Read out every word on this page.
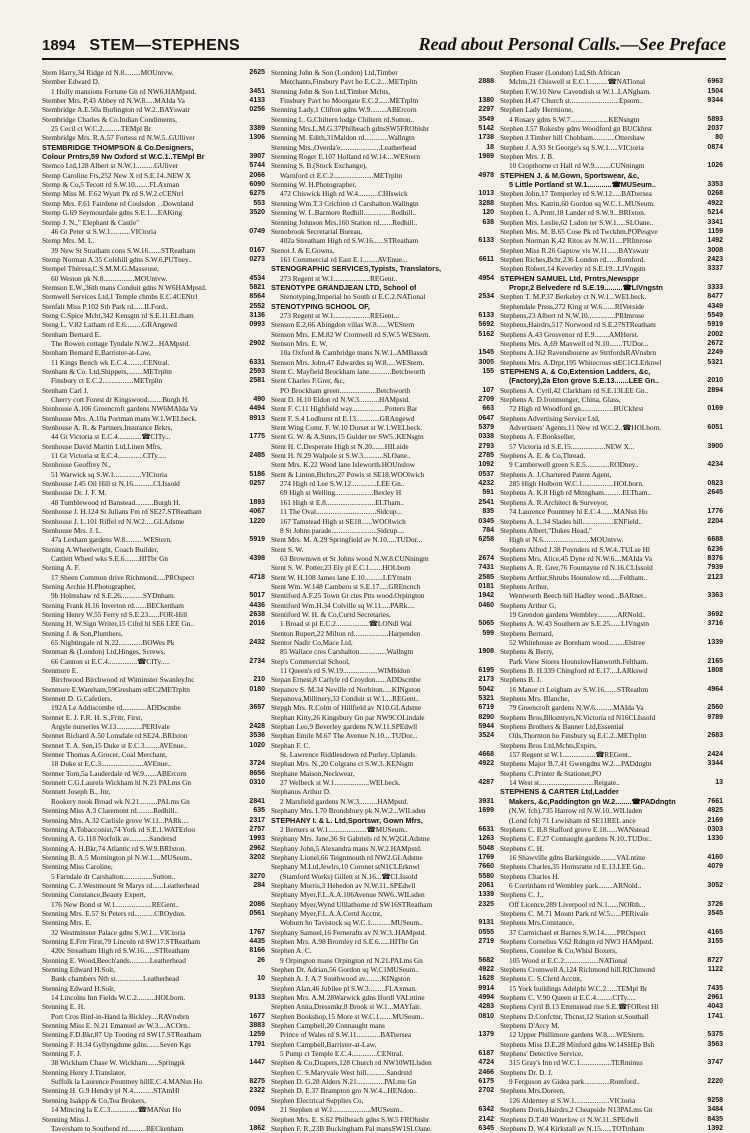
1894 STEM—STEPHENS	Read about Personal Calls.—See Preface
Stem Harry,34 Ridge rd N.8.........MOUntvw.	2625
Stember Edward D.
1 Holly mansions Fortune Gn rd NW6.HAMpstd.	3451
Stember Mrs. P,43 Abbey rd N.W.8.....MAIda Va	4133
Stembridge A.E.50a Burlington rd W.2..BAYswatr	0256
Stembridge Charles & Co.Indian Condiments,
25 Cecil ct W.C.2..........TEMpl Br	3389
Stembridge Mrs. R.A.57 Fortess rd N.W.5..GUlliver	1306
STEMBRIDGE THOMPSON & Co.Designers,
Colour Prntrs,59 Nw Oxford st W.C.1..TEMpl Br	3907
Stemco Ltd,128 Albert st N.W.1..........GUliver	5744
Stemp Caroline Frs,252 New X rd S.E.14..NEW X	2066
Stemp & Co,5 Tecott rd S.W.10........FLAxman	6090
Stemp Miss M. F.62 Wyatt Pk rd S.W.2.cCENtrl	6275
Stemp Mrs. F.61 Fairdene rd Coulsdon . .Downland	553
Stemp G.69 Seymourdale gdns S.E.1....EAKing	3520
Stemp J. N.," Elephant & Castle"
46 Gt Peter st S.W.1...........VICtoria	0749
Stemp Mrs. M. L.
39 New St Stratham cons S.W.16.......STReatham	0167
Stemp Norman A.35 Colehill gdns S.W.6.PUTney..	0273
Stempel Théresa,C.S.M.M.G.Masseuse,
60 Weston pk N.8.................MOUntvw.	4534
Stemson E.W.,36th mans Conduit gdns N W6HAMpstd.	5821
Stemwell Services Ltd,1 Temple chmbs E.C.4CENtrl	8564
Stenfalt Miss P.102 Sth Park rd......ILFord..	2552
Steng C.Spice Mcht,342 Kensgtn rd S.E.11.ELtham	3136
Steng L. V.82 Latham rd E.6.........GRAngewd	0993
Stenham Bernard E.
The Rowen cottage Tyndale N.W.2...HAMpstd.	2902
Stenham Bernard E,Barrister-at-Law,
11 Kings Bench wk E.C.4.........CENtral.	6331
Stenham & Co. Ltd,Shippers,........METrpltn	2593
Finsbury ct E.C.2.................METrpltn	2581
Stenham Carl J.
Cherry cott Forest dr Kingswood........Burgh H.	490
Stenhouse A.106 Greencroft gardens NW6MAIda Va	4494
Stenhouse Mrs. A.10a Portman mans W.1.WELbeck.	8913
Stenhouse A. R. & Partners,Insurance Brkrs,
44 Gt Victoria st E.C.4.............☎CITy...	1775
Stenhouse David Martin Ltd,Linen Mfrs,
11 Gt Victoria st E.C.4..............CITy.....	2485
Stenhouse Geoffrey N.,
51 Warwick sq S.W.1...............VICtoria	5186
Stenhouse J.45 Oil Hill st N.16...........CLIssold	0257
Stenhouse Dr. J. F. M.
48 Tumblewood rd Banstead..........Burgh H.	1893
Stenhouse J. H.124 St Julians Fm rd SE27.STReatham	4067
Stenhouse J. L.101 Riffel rd N.W.2.....GLAdstne	1220
Stenhouse Mrs. J. L.
47a Lexham gardens W.8..........WEStern.	5919
Stening A.Wheelwright, Coach Builder,
Cattlett Wheel wks S.E.6........HITbr Gn	4398
Stening A. F.
17 Sheen Common drive Richmond.....PROspect	4718
Stening Archie H.Photographer,
9b Holmshaw rd S.E.26............SYDnham.	5017
Stening Frank H.16 Inverton rd.......BECkenham	4436
Stening Henry W.55 Ferry rd S.E.23......FOR-Hill	2638
Stening H. W.Sign Writer,15 Cifrd hl SE6 LEE Gn..	2016
Stening J. & Son,Plumbers,
65 Nightingale rd N.22.............BOWes Pk	2432
Stenman & (London) Ltd,Hinges, Screws,
66 Cannon st E.C.4................☎CITy.....	2734
Stenmore E.
Birchwood Birchwood rd Wiminster SwanleyJnc	210
Stenmore E.Wareham,59Gresham stEC2METrpltn	0180
Stennett D. G.Cafetiers,
192A Le Addiscombe rd.............ADDscmbe	3657
Stennet E. J. F.R. H. S.,Fritr, First,
Argyle nurseries W.13..............PERIvale	2428
Stennet Richard A.50 Lonsdale rd SE24..BRIxton	3536
Stennet T. A. Sen,15 Duke st E.C.3........AVEnue..	1020
Stenner Thomas A.Grocer, Coal Merchant,
18 Duke st E.C.3.......................AVEnue..	3724
Stenner Tom,5a Lauderdale rd W.9.......ABErcorn	8656
Stennett C.G.Laurels Wickham hl N.21 PALms Gn	0310
Stennett Joseph B., Jnr,
Rookery nook Broad wk N.21..........PALms Gn	2841
Stenning Miss A.3 Claremont rd.........Redhill..	635
Stenning Mrs. A.32 Carlisle grove W.11...PARk....	2317
Stenning A.Tobacconist,74 York rd S.E.1.WATErloo	2757
Stenning A. G.118 Norfolk av...........Sandersd	1993
Stenning A. H.Bkr,74 Atlantic rd S.W.9.BRIxton.	2962
Stenning B. A.5 Mornington pl N.W.1....MUSeum..	3202
Stenning Miss Caroline,
5 Farndale dr Carshalton................Sutton..	3270
Stenning C. J.Westmount St Marys rd......Leatherhead	284
Stenning Constance,Beauty Expert,
176 New Bond st W.1....................REGent..	2086
Stenning Mrs. E.57 St Peters rd...........CROydon.	0561
Stenning Mrs. E.
32 Westminster Palace gdns S.W.1....VICtoria	1767
Stenning E.Frtr First,79 Lincoln rd SW17.STReatham	4435
420c Streatham High rd S.W.16......STReatham	8166
Stenning E. Wood,Beech'ands...........Leatherhead	26
Stenning Edward H.Solr,
Bank chambers Nth st...............Leatherhead	10
Stenning Edward H.Solr,
14 Lincolns Inn Fields W.C.2..........HOLborn.	9133
Stenning E. H.
Port Cros Bird-in-Hand la Bickley....RAVnsbrn	1677
Stenning Miss E. N.21 Emanuel av W.3....ACOrn..	3883
Stenning F.D.Bkr,87 Up Tooting rd SW17.STReatham	1259
Stenning F. H.34 Gyllyngdune gdns.......Seven Kgs	1791
Stenning F. J.
38 Wickham Chase W. Wickham......Springpk	1447
Stenning Henry J.Translator,
Suffolk la Laurence Pountney hillE.C.4.MANsn Ho	8275
Stenning H. G.9 Hendry pl N.4...........STAtnHl	2322
Stenning Isakpp & Co,Tea Brokers,
14 Mincing la E.C.3...............☎MANsn Ho	0094
Stenning Miss J.
Taversham to Southend rd..........BECkenham	1862
Stenning John & Son (London) Ltd,Timber
Merchants,Finsbury Pavt ho E.C.2....METrpltn	2888
Stenning John & Son Ltd,Timber Mchts,
Finsbury Pavt ho Moorgate E.C.2......METrpltn	1380
Stenning Lady,1 Clifton gdns W.9.........ABErcorn	2297
Stenning L. G,Chiltern lodge Chiltern rd.Sutton..	3549
Stenning Mrs.L.M.G.37Philbeach gdnsSW5FROblshr	5142
Stenning M. Edith,31Maldon rd.............Wallngtn	1738
Stenning Mrs.,Overda'e......................Leatherhead	18
Stenning Roger E.107 Holland rd W.14....WEStern	1989
Stenning S. B.(Stock Exchange),
Warnford ct E.C.2......................METrpltn	4978
Stenning W. H.Photographer,
472 Chiswick High rd W.4...........CHIswick	1013
Stenning Wm.T.3 Crichton cl Carshalton.Wallngtn	3288
Stenning W. L.Barmore Redhill...............Redhill..	120
Stenning Johnson Mrs.160 Station rd.......Redhill..	638
Stenobrook Secretarial Bureau,
402a Streatham High rd S.W.16......STReatham	6133
Stenot J. & E.Gowns,
161 Commercial rd East E.1........AVEnue...	6611
STENOGRAPHIC SERVICES,Typists, Translators,
273 Regent st W.1....................REGent..	4954
STENOTYPE GRANDJEAN LTD, School of
Stenotyping,Imperial ho South st E.C.2.NATional	2534
STENOTYPING SCHOOL OF,
273 Regent st W.1....................REGent...	6133
Stenson E.2,66 Abingdon villas W.8......WEStern	5692
Stenson Mrs. E.M.82 W Cromwell rd S.W.5 WEStern.	5162
Stenson Mrs. E. W.
10a Oxford & Cambridge mans N.W.1..AMBassdr	1545
Stenson Mrs. John,47 Edwardes sq W.8.....WEStern.	3005
Stent C. Mayfield Brockham lane............Betchworth	155
Stent Charles F.Grer, &c,
PO Brockham green....................Betchworth	107
Stent D. H.10 Eldon rd N.W.3...........HAMpstd.	2709
Stent F. C.11 Highfield way..................Potters Bar	663
Stent F. S.4 Lodhurst rd E.13.............GRAngewd	0647
Stent Wing Comr. F. W.10 Dorset st W.1.WELbeck.	5379
Stent G. W. & A.Stnrs,15 Gulder ter SW5..KENsgtn	0338
Stent H. C.Desperate High st N.20.......HILside	2793
Stent H. N.29 Walpole st S.W.3...........SLOane..	2785
Stent Mrs. K.22 Wood lane Isleworth.HOUnslow	1092
Stent & Linton,Btchrs,27 Powis st SE18.WOOlwich	0537
274 High rd Lee S.W.12..............LEE Gn..	4232
69 High st Welling.....................Bexley H	591
161 High st E.8...........................ELTham..	2541
11 The Oval.................................Sidcup...	835
167 Tamstead High st SE18......WOOlwich	0345
8 St Johns parade.........................Sidcup....	784
Stent Mrs. M. A.29 Springfield av N.10.....TUDor...	6258
Stent S. W.
63 Brownswn et St Johns wood N.W.8.CUNningm	2674
Stent S. W. Potter,23 Ely pl E.C.1.......HOLborn	7431
Stent W. H.108 James lane E.10..........LEYtnstn	2585
Stent Wm. W.148 Camberu st S.E.17.....GREncnch	0181
Stentiford A.F.25 Town Gt ctes Ptts wood.Orpington	1942
Stentiford Wm.H.34 Colville sq W.11.....PARk....	0460
Stentiford W. H. & Co,Curtd Secretaries,
1 Broad st pl E.C.2..................☎LONdl Wal	5065
Stenton Rupert,22 Milton rd...................Harpenden	599
Stentor Nadir Co,Mace Ltd,
85 Wallace cres Carshalton...............Wallngtn	1908
Step's Commercial School,
11 Queen's rd S.W.19...................WIMbldon	6195
Stepan Ernest,8 Carlyle rd Croydon......ADDscmbe	2173
Stepanov S. M.34 Neville rd Norbiton.....KINgston	5042
Stepanova,Millinery,33 Conduit st W.1....REGent..	5321
Stepgh Mrs. R.Colm of Hillfield av N10.GLAdstne	6719
Stephan Kitty,26 Kingsbury Gn par NW9COLindale	8290
Stephan Leo,9 Beverley gardens N.W.11.SPEdwll	5944
Stephan Emile M.67 The Avenue N.10....TUDor...	3524
Stephan F. C.
St. Lawrence Riddlesdown rd Purley..Uplands.	4668
Stephan Mrs. N.,20 Colgrans ct S.W.3..KENsgtn	4922
Stephane Maison,Neckwear,
27 Welbeck st W.1...................WELbeck.	4287
Stephanus Arthur D.
2 Marsfield gardens N.W.3..........HAMpstd.	3931
Stephany Mrs. I.70 Brondsbury pk N.W.2...WILsden	1699
STEPHANY I. & L. Ltd,Sportswr, Gown Mfrs,
2 Berners st W.1.....................☎MUSeum..	6631
Stephany Mrs. Jane,36 St Gabriels rd N.W2GLAdstne	1263
Stephany John,5 Alexandra mans N.W.2.HAMpstd.	5048
Stephany Lionel,66 Teignmouth rd NW2.GLAdstne	1769
Stephany M.Ltd,Jewlrs,10 Coronet stN1CLErknwl	7660
(Stamford Works) Gillett st N.16...☎CLIssold	5580
Stephany Morris,3 Hebedon av N.W.11..SPEdwll	2061
Stephany Myer,F.L.A.A.106Avenue NW6..WILsden	1339
Stephany Myer,Wynd Ulllathorne rd SW16STReatham	2325
Stephany Myer,F.L.A.A.Certd Acctnt,
Woburn ho Tavistock sq W.C.1...........MUSeum..	9131
Stephany Samuel,16 Fernerafts av N.W.3..HAMpstd.	0555
Stephen Mrs. A.98 Bromley rd S.E.6......HITbr Gn	2719
Stephen A. C.
9 Orpington mans Orpington rd N.21.PALms Gn	5682
Stephen Dr. Adrian,56 Gordon sq W.C1MUSeum..	4922
Stephen A. J. A.7 Southwood av.........KINgston	1628
Stephen Alan,46 Jubilee pl S.W.3.........FLAxman.	9914
Stephen Mrs. A.M.28Warwick gdns Ifordl VALntine	4994
Stephen Anita,Dressmkr,8 Brook st W.1...MAYfair.	4283
Stephen Bookshop,15 More st W.C.1.......MUSeum..	0810
Stephen Campbell,20 Connaught mans
Prince of Wales rd S.W.11.............BATtersea	1379
Stephen Campbell,Barrister-at-Law,
5 Pump ct Temple E.C.4..............CENtral.	6187
Stephen & Co,Drapers,128 Church rd NW10WILlsden	4724
Stephen C. S.Maryvale West hill...........Sandrstd	2466
Stephen D. G.28 Alders N.21...............PALms Gn	6175
Stephen D. E.37 Brampton gro N.W.4...HENdon..	2702
Stephen Electrical Supplies Co,
21 Stephen st W.1.....................MUSeum..	6342
Stephen Mrs. E. S.62 Philbeach gdns S.W.5 FRObishr	2142
Stephen F. R.,23B Buckingham Pal mansSW1SLOane.	6345
Stephen Fraser (London) Ltd,Sth African
Mchts,21 Chiswell st E.C.1..........☎NATional	6963
Stephen F.W.10 New Cavendish st W.1..LANgham.	1504
Stephen H.47 Church st...........................Epsom..	9344
Stephen Lady Hermione,
4 Rosary gdns S.W.7.....................KENsngtn	5893
Stephen J.57 Rokesby gdns Woodford gn BUCkhrst	2037
Stephen J.Timber hill Chobham............Ottershaw	80
Stephen J. A.93 St George's sq S.W.1.....VICtoria	0874
Stephen Mrs. J. B.
10 Cropthorne ct Hall rd W.9.........CUNningm	1026
STEPHEN J. & M.Gown, Sportswear, &c,
5 Little Portland st W.1............☎MUSeum..	3353
Stephen John,17 Temperley rd S.W.12.....BATtersea	0268
Stephen Mrs. Katrin,60 Gordon sq W.C.1..MUSeum.	4922
Stephen L. A.Prntr,18 Lander rd S.W.9...BRIxton.	5214
Stephen Mrs. Leslie,62 Lsdon ter S.W.1.....SLOane..	3341
Stephen Mrs. M. B.65 Cose Pk rd Twckhm.POPesgve	1159
Stephen Norman K.42 Ritos av N.W.11....PRImrose	1492
Stephen Miss R.26 Gaptow vis W.11......BAYswatr	3008
Stephen Riches,Bchr,236 London rd......Romford.	2423
Stephen Robert,14 Keverley rd S.E.19...LIVngstn	3337
STEPHEN SAMUEL Ltd, Prntrs,Newsppr
Propr,2 Belvedere rd S.E.19.........☎LIVngstn	3333
Stephen T. M.P.37 Berkeley ct N.W.1...WELbeck.	8477
Stephendale Press,272 King st W.6.......RIVerside	4349
Stephens,23 Albert rd N.W.10...............PRImrose	5549
Stephens,Hairdrs,517 Norwood rd S.E.27STReatham	5919
Stephens A.43 Grosvenor rd E.9........AMHerst.	2002
Stephens Mrs. A.69 Maxwell rd N.10.......TUDor...	2672
Stephens A.162 Ravensbourne av StrtfordsRAVnsbrn	2249
Stephens Mrs. A.Drpr,195 Whitecross stEC1CLErknwl	5321
STEPHENS A. & Co,Extension Ladders, &c,
(Factory),2a Eton grove S.E.13.......LEE Gn..	2010
Stephens A. Cyril,42 Clarkham rd S.E.13LEE Gn..	2894
Stephens A. D.Ironmonger, China, Glass,
72 High rd Woodford gn..................BUCkhrst	0169
Stephens Advertising Service Ltd,
Advertisers' Agents,11 New rd W.C.2..☎HOLborn.	6051
Stephens A. F.Bookseller,
57 Victoria rd S.E.15...................NEW X...	3900
Stephens A. E. & Co,Thread,
9 Camberwell green S.E.5.............RODney..	4234
Stephens A. J.Chartered Patent Agent,
285 High Holborn W.C.1.................HOLborn.	0823
Stephens A. K.8 High rd Mttngham..........ELTham..	2645
Stephens A. R.Architect & Surveyor,
74 Laurence Pountney hl E.C.4.......MANsn Ho	1776
Stephens A. L.34 Slades hill.................ENField..	2204
Stephens Albert,"Dukes Head,"
High st N.6..........................MOUntvw.	6688
Stephens Alfred J.38 Poynders rd S.W.4..TULse Hl	6236
Stephens Mrs. Alice,45 Dyne rd N.W.6....MAIda Va	8376
Stephens A. R. Grer,76 Fountayne rd N.16.CLIssold	7939
Stephens Arthur,Shrubs Hounslow rd......Feltham..	2123
Stephens Arthur,
Wentworth Beech hill Hadley wood...BARnet..	3363
Stephens Arthur G,
19 Grendon gardens Wembley...........ARNold..	3692
Stephens A. W.43 Southern av S.E.25......LIVngstn	3716
Stephens Bernard,
52 Whitehouse av Boreham wood.........Elstree	1339
Stephens & Berry,
Park View Stores HounslowHanworth.Feltham.	2165
Stephens B. H.339 Chingford rd E.17....LARkswd	1808
Stephens B. J.
16 Manor ct Leigham av S.W.16.......STReathm	4964
Stephens Mrs. Blanche,
79 Greencroft gardens N.W.6..........MAIda Va	2560
Stephens Bros,Blksmtyrs,N.Victoria rd N16CLIssold	9789
Stephens Brothers & Banner Ltd,Essential
Oils,Thornton ho Finsbury sq E.C.2..METrpltn	2683
Stephens Bros Ltd,Mchts,Expirs,
157 Regent st W.1..................☎REGent..	2424
Stephens Major B.7,41 Gwengdns W.2....PADdngtn	3344
Stephens C.Printer & Stationer,PO
14 West st..............................Reigate..	13
STEPHENS & CARTER Ltd,Ladder
Makers, &c,Paddington gn W.2........☎PADdngtn	7661
(N.W. fch),735 Harrow rd N.W.10..WILlsden	4925
(Lond fch) 71 Lewisham rd SE11REL ance	2169
Stephens C. B.8 Stafford grove E.18......WANstead	0303
Stephens C. F.27 Connaught gardens N.10..TUDor..	1330
Stephens C. H.
16 Shawville gdns Barkingside.........VALntine	4160
Stephens Charles,35 Hornsratte rd E.13.LEE Gn..	4079
Stephens Charles H.
6 Corrinham rd Wembley park........ARNold..	3052
Stephens C. J.,
Off Licence,289 Liverpool rd N.1......NORth...	3726
Stephens C. M.71 Mount Park rd W.5......PERivale	3545
Stephens Mrs.Constance,
37 Carmichael et Barnes S.W.14.......PROspect	4165
Stephens Cornelius V.62 Rdngtn rd NW3 HAMpstd.	3155
Stephens, Costeloe & Co,Whisl Boxers,
105 Wood st E.C.2...................NATional	8727
Stephens Cromwell A,124 Richmond hill.RIChmond	1122
Stephens C. S.Chrtd Acctnt,
15 York buildings Adelphi W.C.2......TEMpl Br	7435
Stephens C. V.90 Queen st E.C.4.........CITy.....	2961
Stephens Cyril B.13 Emmstead rise S.E.☎FORest Hl	4043
Stephens D.Confctnr, Tbcnst,12 Station st.Southall	1741
Stephens D'Arcy M.
12 Upper Phillimore gardens W.8.....WEStern.	5375
Stephens Miss D.E,28 Minford gdns W.14SHEp Bsh	3563
Stephens' Detective Service,
315 Gray's Inn rd W.C.1.................TERminus	3747
Stephens Dr. D. J.
9 Ferguson av Gidea park..............Romford..	2220
Stephens Mrs.Doreen,
126 Alderney st S.W.1...................VICtoria	9258
Stephens Doris,Hairdrs,2 Cheapside N13PALms Gn	3484
Stephens D.T.40 Waterlow ct N.W.11..SPEdwll	8435
Stephens D. W.4 Kirkstall av N.15......TOTtnham	1392
